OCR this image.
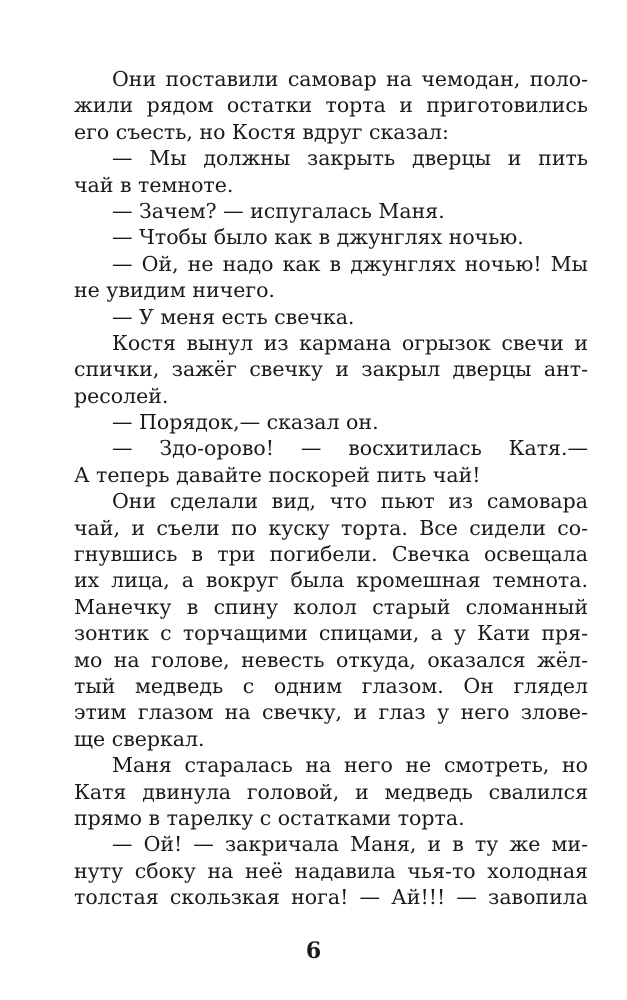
Они поставили самовар на чемодан, поло-
жили рядом остатки торта и приготовились
его съесть, но Костя вдруг сказал:
— Мы должны закрыть дверцы и пить
чай в темноте.
— Зачем? — испугалась Маня.
— Чтобы было как в джунглях ночью.
— Ой, не надо как в джунглях ночью! Мы
не увидим ничего.
— У меня есть свечка.
Костя вынул из кармана огрызок свечи и
спички, зажёг свечку и закрыл дверцы ант-
ресолей.
— Порядок,— сказал он.
— Здо-орово! — восхитилась Катя.—
А теперь давайте поскорей пить чай!
Они сделали вид, что пьют из самовара
чай, и съели по куску торта. Все сидели со-
гнувшись в три погибели. Свечка освещала
их лица, а вокруг была кромешная темнота.
Манечку в спину колол старый сломанный
зонтик с торчащими спицами, а у Кати пря-
мо на голове, невесть откуда, оказался жёл-
тый медведь с одним глазом. Он глядел
этим глазом на свечку, и глаз у него злове-
ще сверкал.
Маня старалась на него не смотреть, но
Катя двинула головой, и медведь свалился
прямо в тарелку с остатками торта.
— Ой! — закричала Маня, и в ту же ми-
нуту сбоку на неё надавила чья-то холодная
толстая скользкая нога! — Ай!!! — завопила
6
